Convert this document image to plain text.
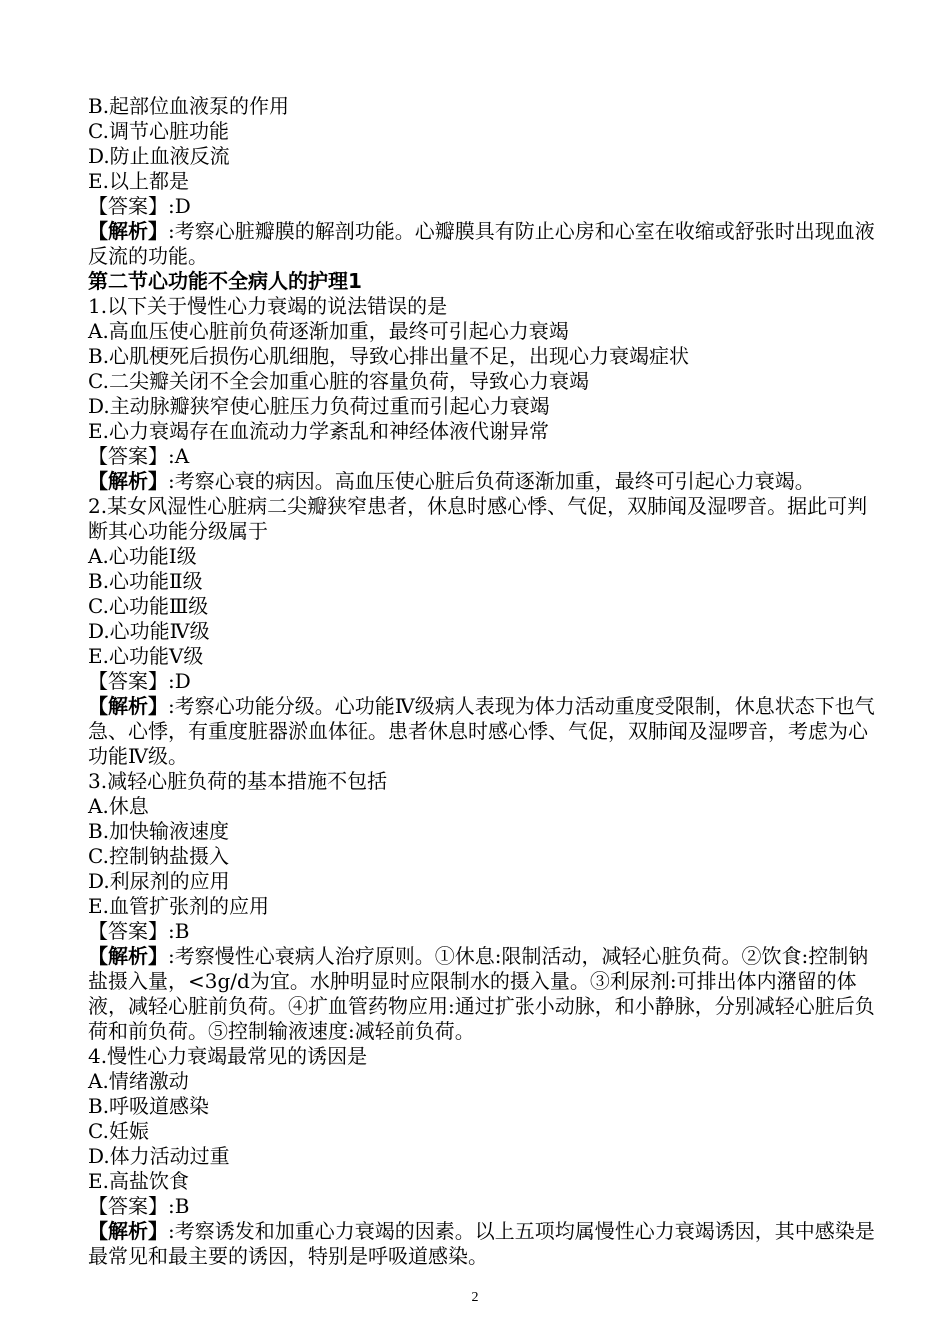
B.起部位血液泵的作用
C.调节心脏功能
D.防止血液反流
E.以上都是
【答案】:D
【解析】:考察心脏瓣膜的解剖功能。心瓣膜具有防止心房和心室在收缩或舒张时出现血液反流的功能。
第二节心功能不全病人的护理1
1.以下关于慢性心力衰竭的说法错误的是
A.高血压使心脏前负荷逐渐加重，最终可引起心力衰竭
B.心肌梗死后损伤心肌细胞，导致心排出量不足，出现心力衰竭症状
C.二尖瓣关闭不全会加重心脏的容量负荷，导致心力衰竭
D.主动脉瓣狭窄使心脏压力负荷过重而引起心力衰竭
E.心力衰竭存在血流动力学紊乱和神经体液代谢异常
【答案】:A
【解析】:考察心衰的病因。高血压使心脏后负荷逐渐加重，最终可引起心力衰竭。
2.某女风湿性心脏病二尖瓣狭窄患者，休息时感心悸、气促，双肺闻及湿啰音。据此可判断其心功能分级属于
A.心功能Ⅰ级
B.心功能Ⅱ级
C.心功能Ⅲ级
D.心功能Ⅳ级
E.心功能Ⅴ级
【答案】:D
【解析】:考察心功能分级。心功能Ⅳ级病人表现为体力活动重度受限制，休息状态下也气急、心悸，有重度脏器淤血体征。患者休息时感心悸、气促，双肺闻及湿啰音，考虑为心功能Ⅳ级。
3.减轻心脏负荷的基本措施不包括
A.休息
B.加快输液速度
C.控制钠盐摄入
D.利尿剂的应用
E.血管扩张剂的应用
【答案】:B
【解析】:考察慢性心衰病人治疗原则。①休息:限制活动，减轻心脏负荷。②饮食:控制钠盐摄入量，<3g/d为宜。水肿明显时应限制水的摄入量。③利尿剂:可排出体内潴留的体液，减轻心脏前负荷。④扩血管药物应用:通过扩张小动脉，和小静脉，分别减轻心脏后负荷和前负荷。⑤控制输液速度:减轻前负荷。
4.慢性心力衰竭最常见的诱因是
A.情绪激动
B.呼吸道感染
C.妊娠
D.体力活动过重
E.高盐饮食
【答案】:B
【解析】:考察诱发和加重心力衰竭的因素。以上五项均属慢性心力衰竭诱因，其中感染是最常见和最主要的诱因，特别是呼吸道感染。
2
